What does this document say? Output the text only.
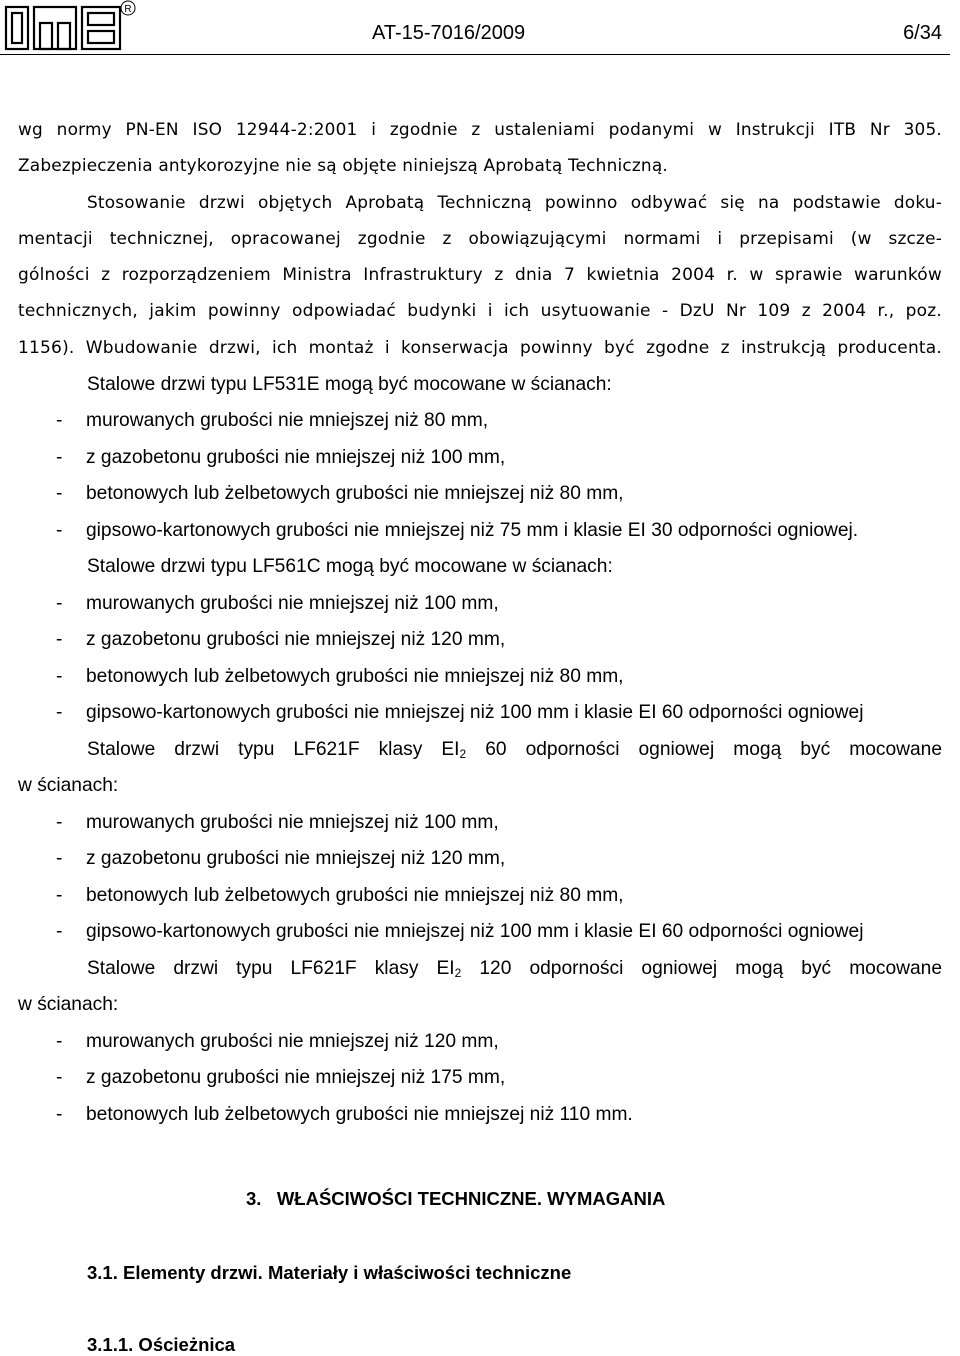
R
AT-15-7016/2009	6/34
wg normy PN-EN ISO 12944-2:2001 i zgodnie z ustaleniami podanymi w Instrukcji ITB Nr 305.
Zabezpieczenia antykorozyjne nie są objęte niniejszą Aprobatą Techniczną.
Stosowanie drzwi objętych Aprobatą Techniczną powinno odbywać się na podstawie doku-
mentacji technicznej, opracowanej zgodnie z obowiązującymi normami i przepisami (w szcze-
gólności z rozporządzeniem Ministra Infrastruktury z dnia 7 kwietnia 2004 r. w sprawie warunków
technicznych, jakim powinny odpowiadać budynki i ich usytuowanie - DzU Nr 109 z 2004 r., poz.
1156). Wbudowanie drzwi, ich montaż i konserwacja powinny być zgodne z instrukcją producenta.
Stalowe drzwi typu LF531E mogą być mocowane w ścianach:
- murowanych grubości nie mniejszej niż 80 mm,
- z gazobetonu grubości nie mniejszej niż 100 mm,
- betonowych lub żelbetowych grubości nie mniejszej niż 80 mm,
- gipsowo-kartonowych grubości nie mniejszej niż 75 mm i klasie EI 30 odporności ogniowej.
Stalowe drzwi typu LF561C mogą być mocowane w ścianach:
- murowanych grubości nie mniejszej niż 100 mm,
- z gazobetonu grubości nie mniejszej niż 120 mm,
- betonowych lub żelbetowych grubości nie mniejszej niż 80 mm,
- gipsowo-kartonowych grubości nie mniejszej niż 100 mm i klasie EI 60 odporności ogniowej
Stalowe drzwi typu LF621F klasy $EI_2$ 60 odporności ogniowej mogą być mocowane
w ścianach:
- murowanych grubości nie mniejszej niż 100 mm,
- z gazobetonu grubości nie mniejszej niż 120 mm,
- betonowych lub żelbetowych grubości nie mniejszej niż 80 mm,
- gipsowo-kartonowych grubości nie mniejszej niż 100 mm i klasie EI 60 odporności ogniowej
Stalowe drzwi typu LF621F klasy $EI_2$ 120 odporności ogniowej mogą być mocowane
w ścianach:
- murowanych grubości nie mniejszej niż 120 mm,
- z gazobetonu grubości nie mniejszej niż 175 mm,
- betonowych lub żelbetowych grubości nie mniejszej niż 110 mm.
3.   WŁAŚCIWOŚCI TECHNICZNE. WYMAGANIA
3.1. Elementy drzwi. Materiały i właściwości techniczne
3.1.1. Ościeżnica
